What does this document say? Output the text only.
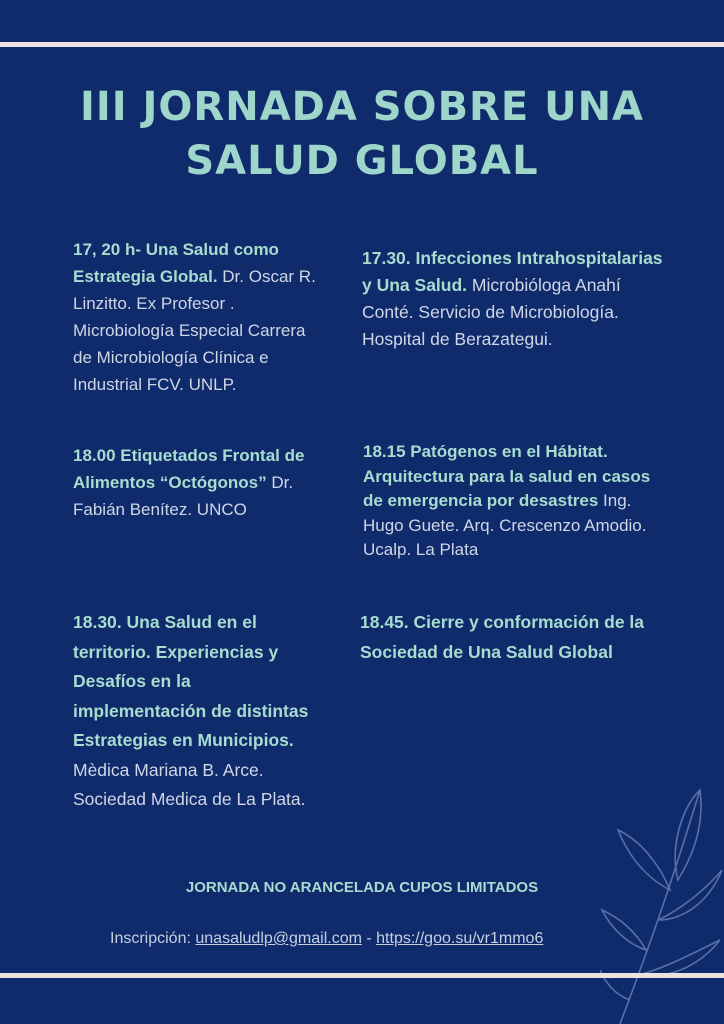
III JORNADA SOBRE UNA
SALUD GLOBAL
17, 20 h- Una Salud como Estrategia Global. Dr. Oscar R. Linzitto. Ex Profesor . Microbiología Especial Carrera de Microbiología Clínica e Industrial FCV. UNLP.
17.30. Infecciones Intrahospitalarias y Una Salud. Microbióloga Anahí Conté. Servicio de Microbiología. Hospital de Berazategui.
18.00 Etiquetados Frontal de Alimentos “Octógonos” Dr. Fabián Benítez. UNCO
18.15 Patógenos en el Hábitat. Arquitectura para la salud en casos de emergencia por desastres Ing. Hugo Guete. Arq. Crescenzo Amodio. Ucalp. La Plata
18.30. Una Salud en el territorio. Experiencias y Desafíos en la implementación de distintas Estrategias en Municipios. Mèdica Mariana B. Arce. Sociedad Medica de La Plata.
18.45. Cierre y conformación de la Sociedad de Una Salud Global
JORNADA NO ARANCELADA CUPOS LIMITADOS
Inscripción: unasaludlp@gmail.com - https://goo.su/vr1mmo6
